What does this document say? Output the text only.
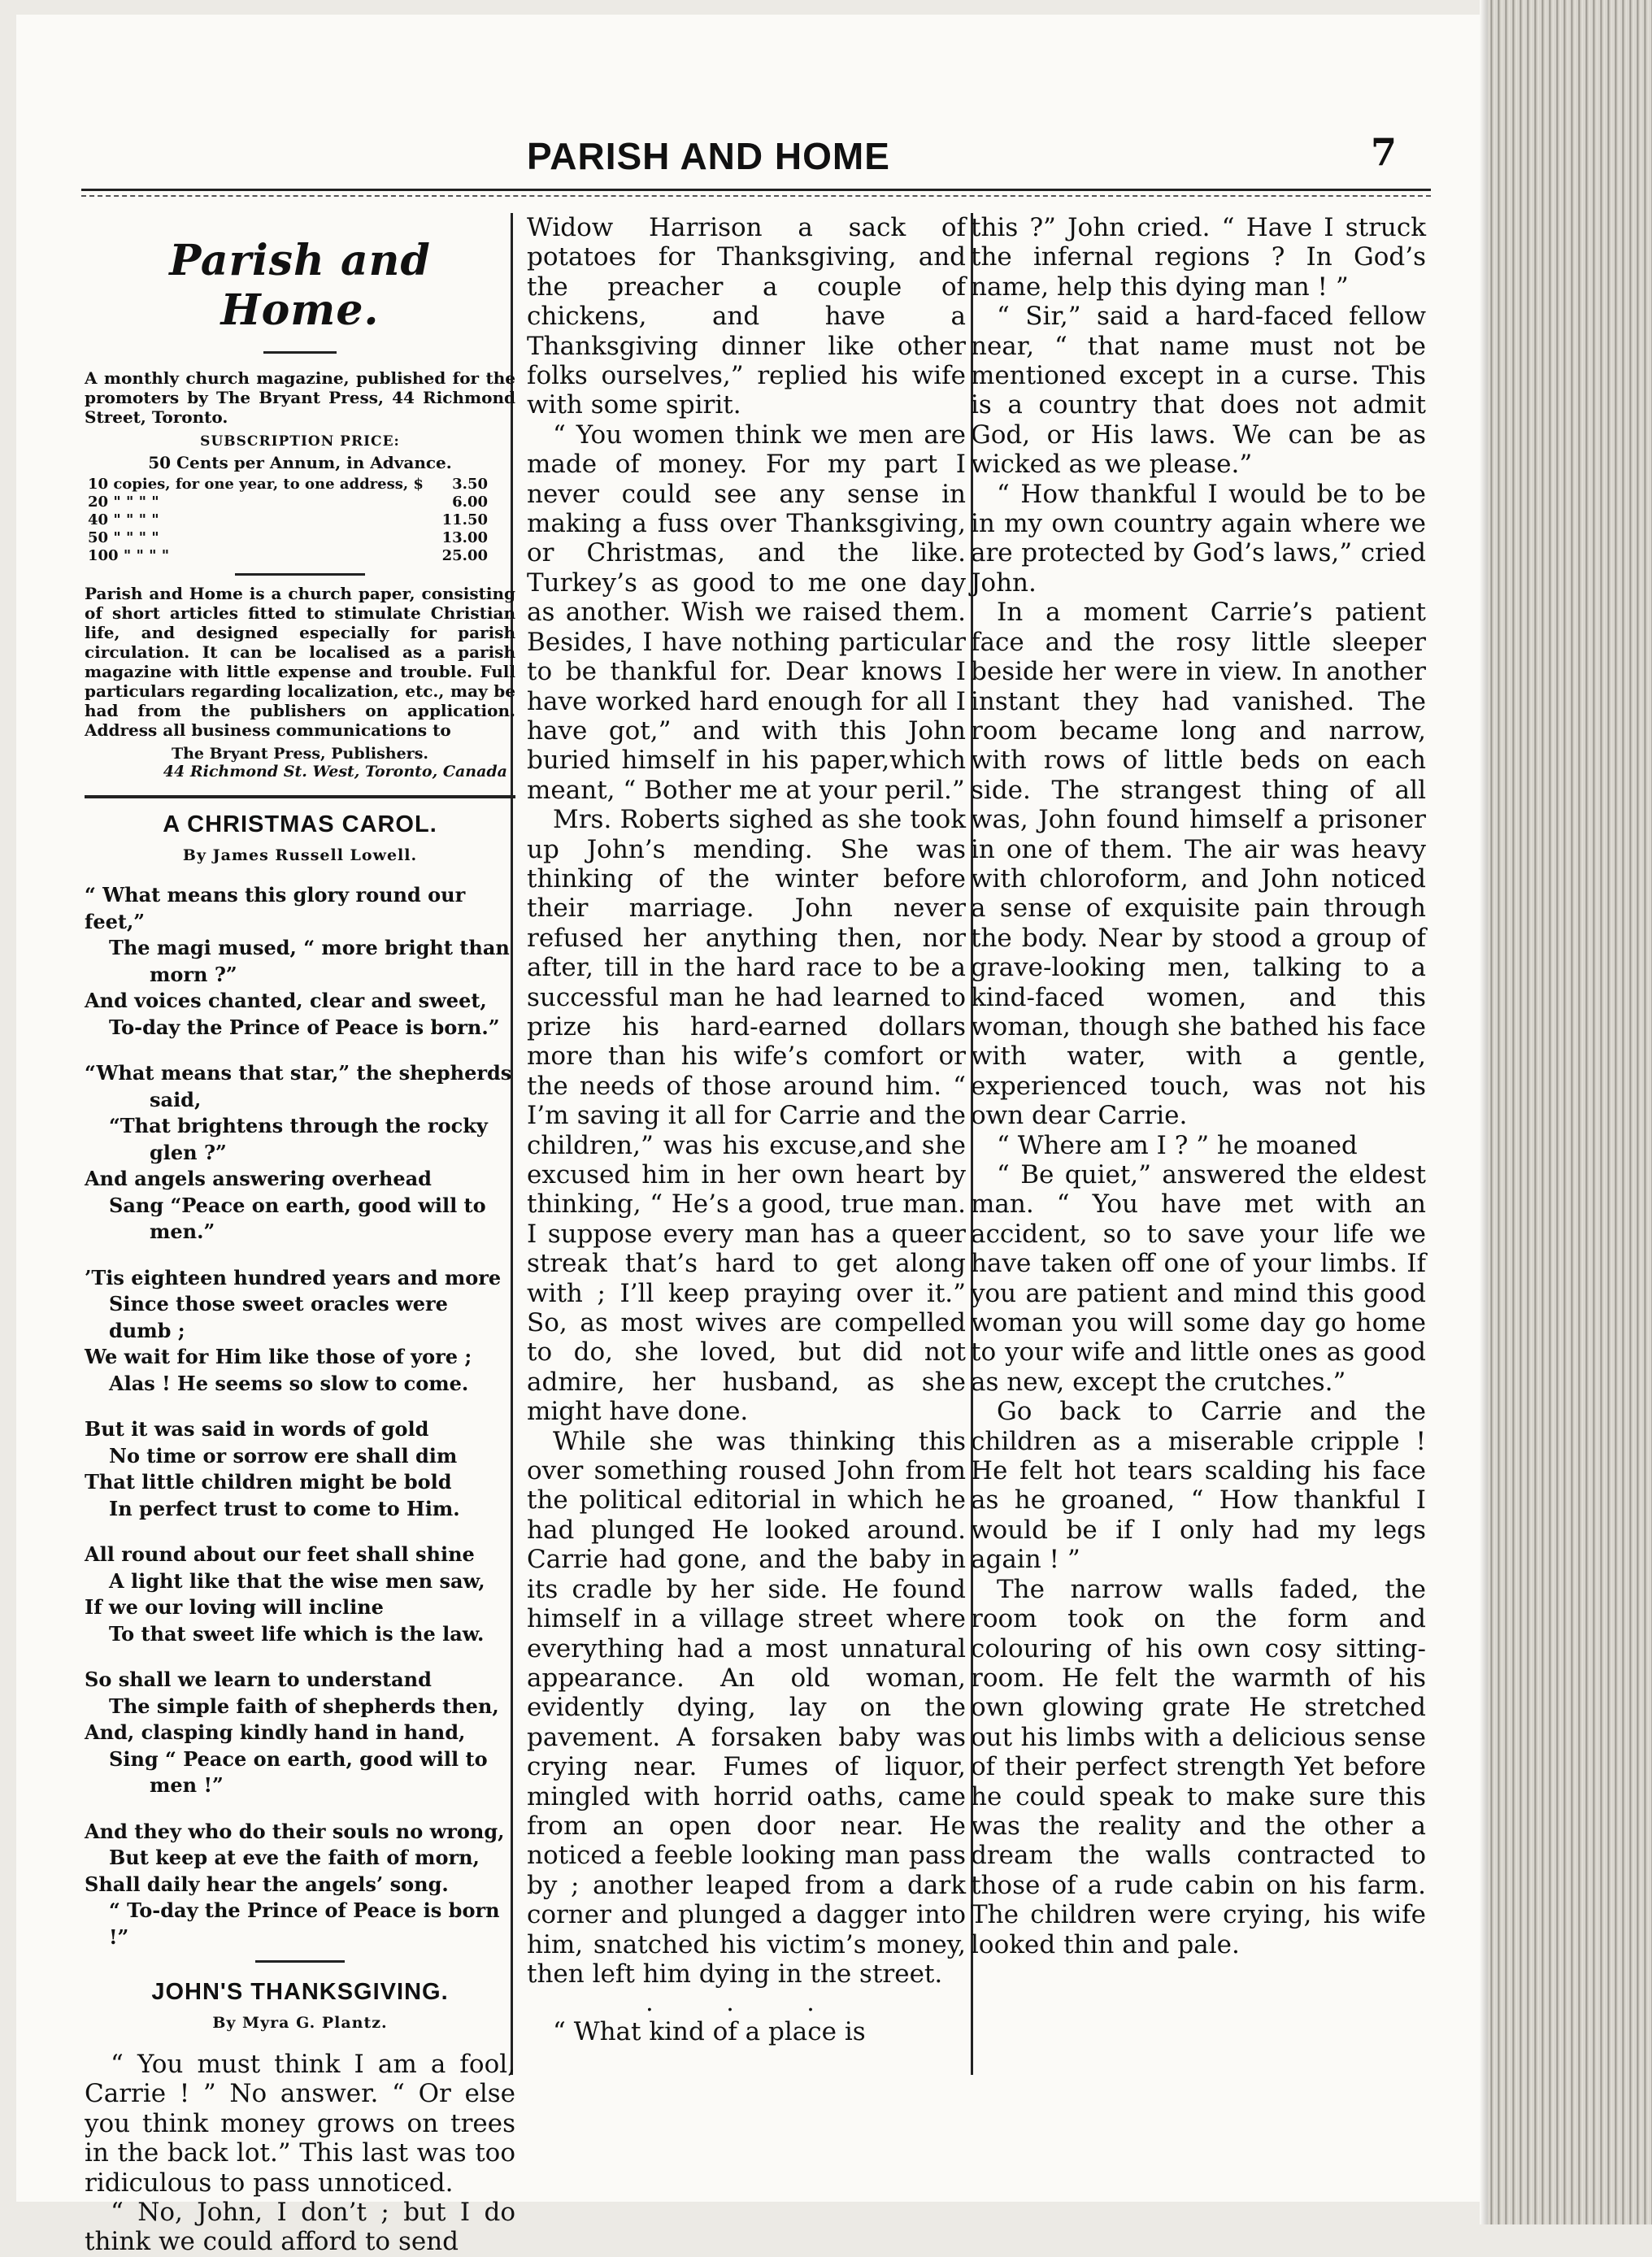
PARISH AND HOME	7
Parish and Home.
A monthly church magazine, published for the promoters by The Bryant Press, 44 Richmond Street, Toronto.
SUBSCRIPTION PRICE:
50 Cents per Annum, in Advance.
10 copies, for one year, to one address, $	3.50
20 " " " "	6.00
40 " " " "	11.50
50 " " " "	13.00
100 " " " "	25.00
Parish and Home is a church paper, consisting of short articles fitted to stimulate Christian life, and designed especially for parish circulation. It can be localised as a parish magazine with little expense and trouble. Full particulars regarding localization, etc., may be had from the publishers on application. Address all business communications to
The Bryant Press, Publishers.
44 Richmond St. West, Toronto, Canada
A CHRISTMAS CAROL.
By James Russell Lowell.
“ What means this glory round our feet,”
The magi mused, “ more bright than
morn ?”
And voices chanted, clear and sweet,
To-day the Prince of Peace is born.”
“What means that star,” the shepherds
said,
“That brightens through the rocky
glen ?”
And angels answering overhead
Sang “Peace on earth, good will to
men.”
’Tis eighteen hundred years and more
Since those sweet oracles were dumb ;
We wait for Him like those of yore ;
Alas ! He seems so slow to come.
But it was said in words of gold
No time or sorrow ere shall dim
That little children might be bold
In perfect trust to come to Him.
All round about our feet shall shine
A light like that the wise men saw,
If we our loving will incline
To that sweet life which is the law.
So shall we learn to understand
The simple faith of shepherds then,
And, clasping kindly hand in hand,
Sing “ Peace on earth, good will to
men !”
And they who do their souls no wrong,
But keep at eve the faith of morn,
Shall daily hear the angels’ song.
“ To-day the Prince of Peace is born !”
JOHN'S THANKSGIVING.
By Myra G. Plantz.

“ You must think I am a fool, Carrie ! ” No answer. “ Or else you think money grows on trees in the back lot.” This last was too ridiculous to pass unnoticed.

“ No, John, I don’t ; but I do think we could afford to send

Widow Harrison a sack of potatoes for Thanksgiving, and the preacher a couple of chickens, and have a Thanksgiving dinner like other folks ourselves,” replied his wife with some spirit.

“ You women think we men are made of money. For my part I never could see any sense in making a fuss over Thanksgiving, or Christmas, and the like. Turkey’s as good to me one day as another. Wish we raised them. Besides, I have nothing particular to be thankful for. Dear knows I have worked hard enough for all I have got,” and with this John buried himself in his paper,which meant, “ Bother me at your peril.”

Mrs. Roberts sighed as she took up John’s mending. She was thinking of the winter before their marriage. John never refused her anything then, nor after, till in the hard race to be a successful man he had learned to prize his hard-earned dollars more than his wife’s comfort or the needs of those around him. “ I’m saving it all for Carrie and the children,” was his excuse,and she excused him in her own heart by thinking, “ He’s a good, true man. I suppose every man has a queer streak that’s hard to get along with ; I’ll keep praying over it.” So, as most wives are compelled to do, she loved, but did not admire, her husband, as she might have done.

While she was thinking this over something roused John from the political editorial in which he had plunged He looked around. Carrie had gone, and the baby in its cradle by her side. He found himself in a village street where everything had a most unnatural appearance. An old woman, evidently dying, lay on the pavement. A forsaken baby was crying near. Fumes of liquor, mingled with horrid oaths, came from an open door near. He noticed a feeble looking man pass by ; another leaped from a dark corner and plunged a dagger into him, snatched his victim’s money, then left him dying in the street.

. . .

“ What kind of a place is

this ?” John cried. “ Have I struck the infernal regions ? In God’s name, help this dying man ! ”

“ Sir,” said a hard-faced fellow near, “ that name must not be mentioned except in a curse. This is a country that does not admit God, or His laws. We can be as wicked as we please.”

“ How thankful I would be to be in my own country again where we are protected by God’s laws,” cried John.

In a moment Carrie’s patient face and the rosy little sleeper beside her were in view. In another instant they had vanished. The room became long and narrow, with rows of little beds on each side. The strangest thing of all was, John found himself a prisoner in one of them. The air was heavy with chloroform, and John noticed a sense of exquisite pain through the body. Near by stood a group of grave-looking men, talking to a kind-faced women, and this woman, though she bathed his face with water, with a gentle, experienced touch, was not his own dear Carrie.

“ Where am I ? ” he moaned

“ Be quiet,” answered the eldest man. “ You have met with an accident, so to save your life we have taken off one of your limbs. If you are patient and mind this good woman you will some day go home to your wife and little ones as good as new, except the crutches.”

Go back to Carrie and the children as a miserable cripple ! He felt hot tears scalding his face as he groaned, “ How thankful I would be if I only had my legs again ! ”

The narrow walls faded, the room took on the form and colouring of his own cosy sitting-room. He felt the warmth of his own glowing grate He stretched out his limbs with a delicious sense of their perfect strength Yet before he could speak to make sure this was the reality and the other a dream the walls contracted to those of a rude cabin on his farm. The children were crying, his wife looked thin and pale.
